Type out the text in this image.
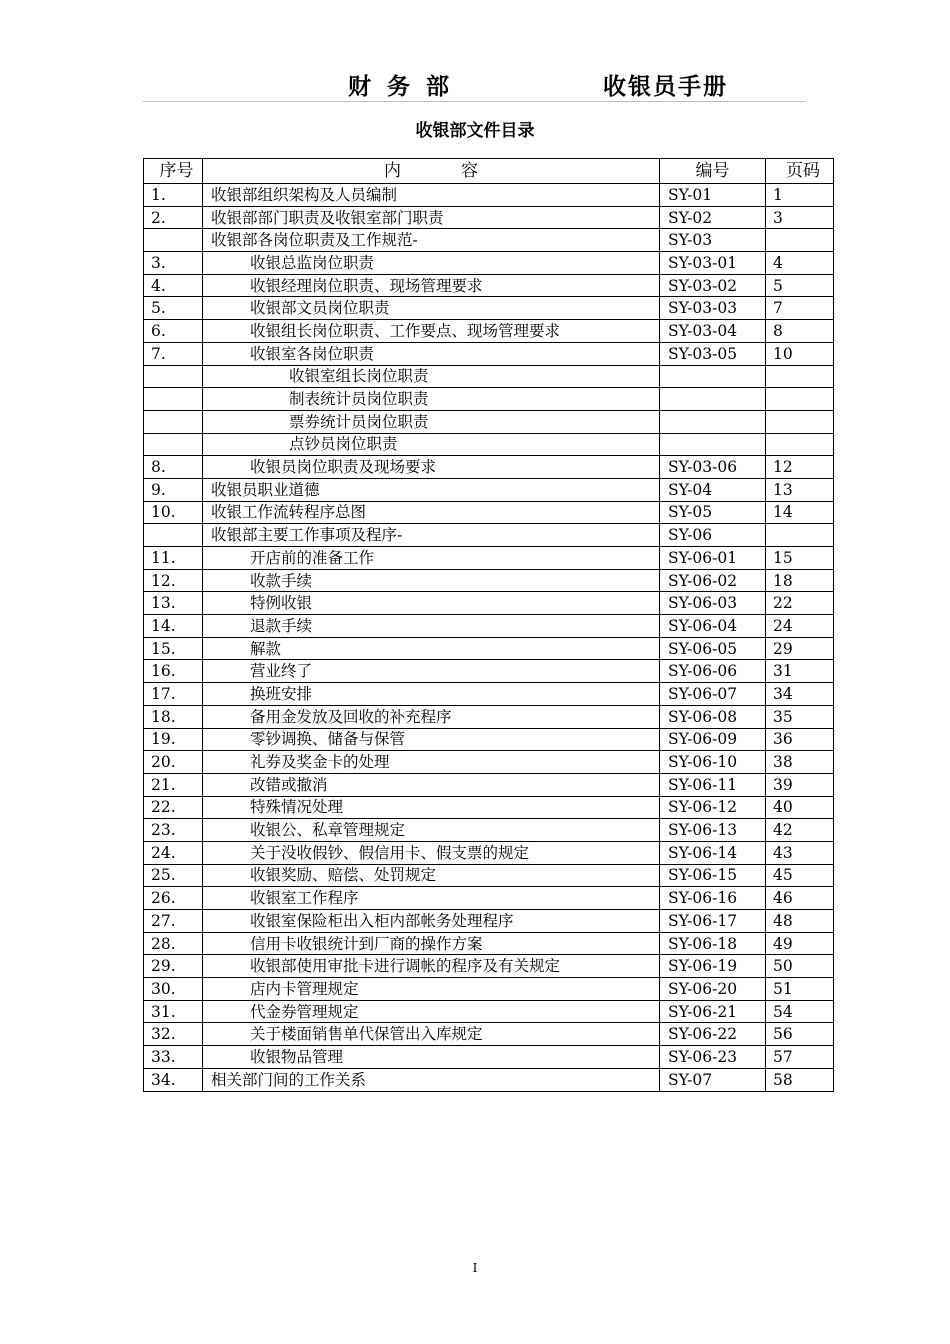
财务部	收银员手册
收银部文件目录
序号	内容	编号	页码
1.	收银部组织架构及人员编制	SY-01	1
2.	收银部部门职责及收银室部门职责	SY-02	3
	收银部各岗位职责及工作规范-	SY-03	
3.	收银总监岗位职责	SY-03-01	4
4.	收银经理岗位职责、现场管理要求	SY-03-02	5
5.	收银部文员岗位职责	SY-03-03	7
6.	收银组长岗位职责、工作要点、现场管理要求	SY-03-04	8
7.	收银室各岗位职责	SY-03-05	10
	收银室组长岗位职责		
	制表统计员岗位职责		
	票券统计员岗位职责		
	点钞员岗位职责		
8.	收银员岗位职责及现场要求	SY-03-06	12
9.	收银员职业道德	SY-04	13
10.	收银工作流转程序总图	SY-05	14
	收银部主要工作事项及程序-	SY-06	
11.	开店前的准备工作	SY-06-01	15
12.	收款手续	SY-06-02	18
13.	特例收银	SY-06-03	22
14.	退款手续	SY-06-04	24
15.	解款	SY-06-05	29
16.	营业终了	SY-06-06	31
17.	换班安排	SY-06-07	34
18.	备用金发放及回收的补充程序	SY-06-08	35
19.	零钞调换、储备与保管	SY-06-09	36
20.	礼券及奖金卡的处理	SY-06-10	38
21.	改错或撤消	SY-06-11	39
22.	特殊情况处理	SY-06-12	40
23.	收银公、私章管理规定	SY-06-13	42
24.	关于没收假钞、假信用卡、假支票的规定	SY-06-14	43
25.	收银奖励、赔偿、处罚规定	SY-06-15	45
26.	收银室工作程序	SY-06-16	46
27.	收银室保险柜出入柜内部帐务处理程序	SY-06-17	48
28.	信用卡收银统计到厂商的操作方案	SY-06-18	49
29.	收银部使用审批卡进行调帐的程序及有关规定	SY-06-19	50
30.	店内卡管理规定	SY-06-20	51
31.	代金券管理规定	SY-06-21	54
32.	关于楼面销售单代保管出入库规定	SY-06-22	56
33.	收银物品管理	SY-06-23	57
34.	相关部门间的工作关系	SY-07	58
I
